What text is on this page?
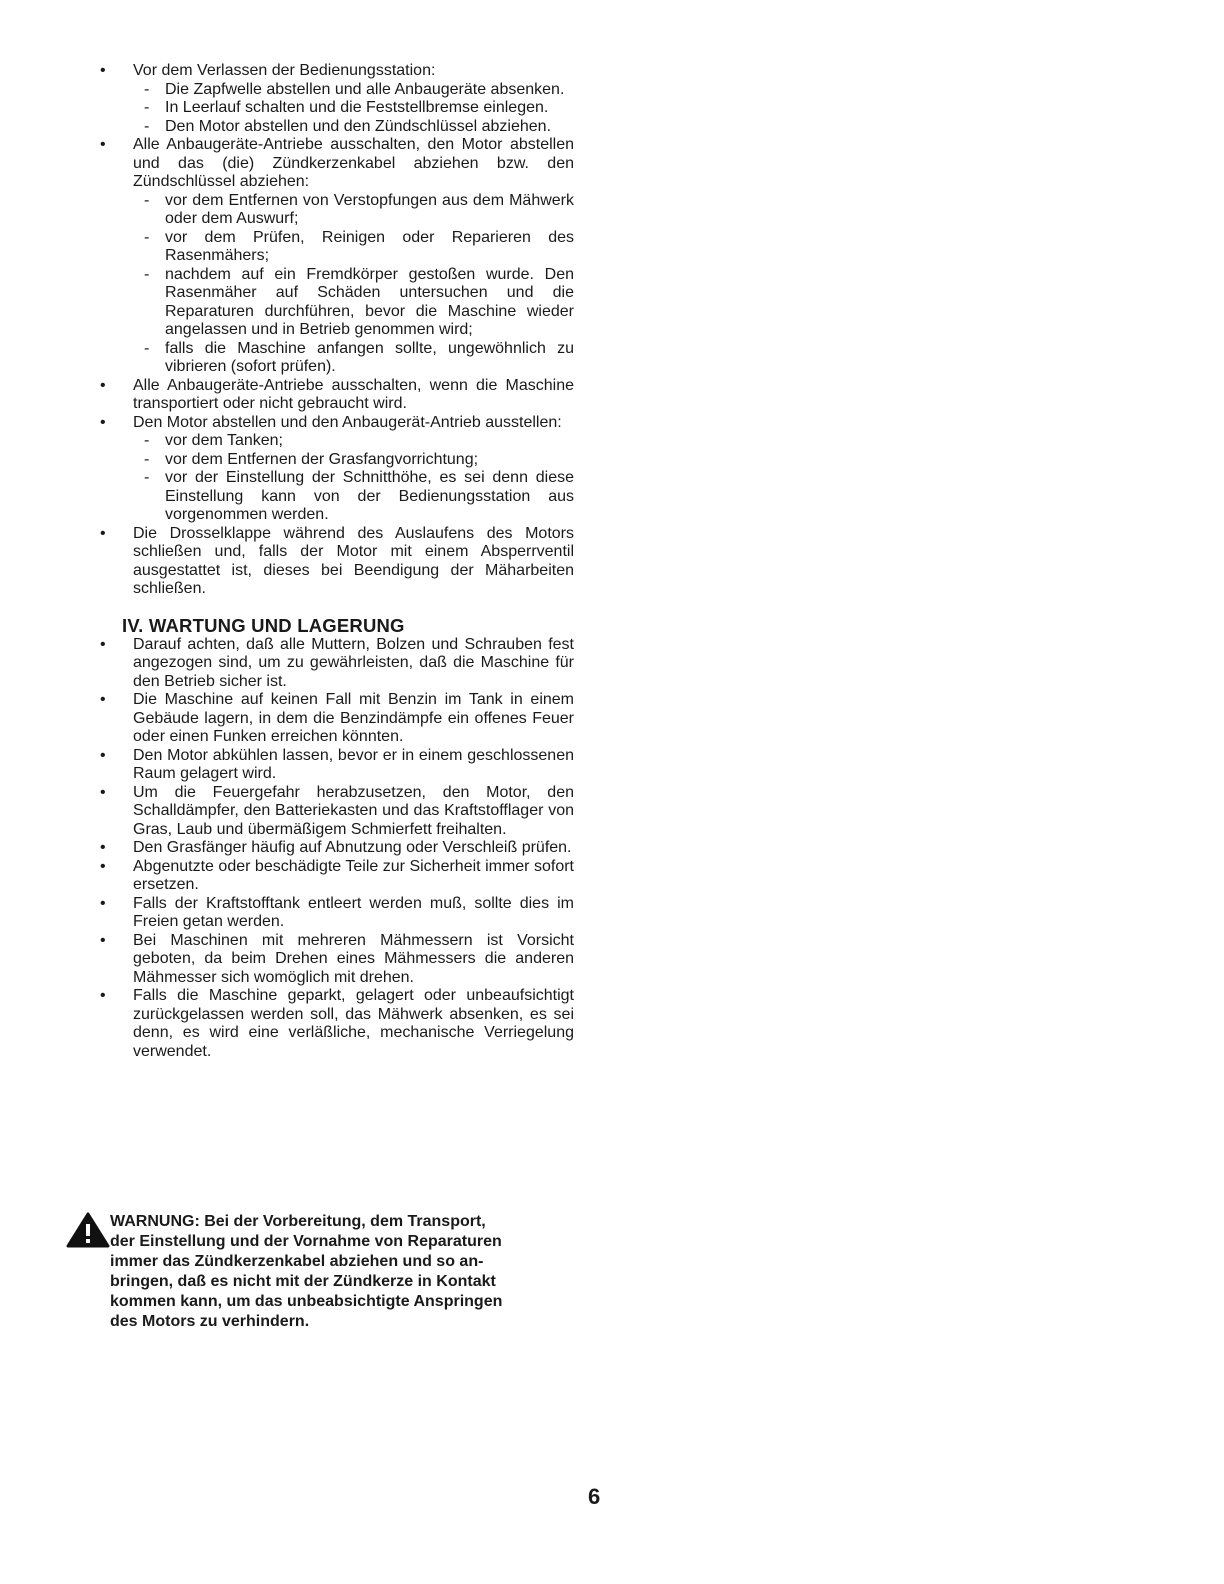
• Vor dem Verlassen der Bedienungsstation:
- Die Zapfwelle abstellen und alle Anbaugeräte absenken.
- In Leerlauf schalten und die Feststellbremse einlegen.
- Den Motor abstellen und den Zündschlüssel abziehen.
• Alle Anbaugeräte-Antriebe ausschalten, den Motor abstellen und das (die) Zündkerzenkabel abziehen bzw. den Zündschlüssel abziehen:
- vor dem Entfernen von Verstopfungen aus dem Mähwerk oder dem Auswurf;
- vor dem Prüfen, Reinigen oder Reparieren des Rasenmähers;
- nachdem auf ein Fremdkörper gestoßen wurde. Den Rasenmäher auf Schäden untersuchen und die Reparaturen durchführen, bevor die Maschine wieder angelassen und in Betrieb genommen wird;
- falls die Maschine anfangen sollte, ungewöhnlich zu vibrieren (sofort prüfen).
• Alle Anbaugeräte-Antriebe ausschalten, wenn die Maschine transportiert oder nicht gebraucht wird.
• Den Motor abstellen und den Anbaugerät-Antrieb ausstellen:
- vor dem Tanken;
- vor dem Entfernen der Grasfangvorrichtung;
- vor der Einstellung der Schnitthöhe, es sei denn diese Einstellung kann von der Bedienungsstation aus vorgenommen werden.
• Die Drosselklappe während des Auslaufens des Motors schließen und, falls der Motor mit einem Absperrventil ausgestattet ist, dieses bei Beendigung der Mäharbeiten schließen.
IV. WARTUNG UND LAGERUNG
• Darauf achten, daß alle Muttern, Bolzen und Schrauben fest angezogen sind, um zu gewährleisten, daß die Maschine für den Betrieb sicher ist.
• Die Maschine auf keinen Fall mit Benzin im Tank in einem Gebäude lagern, in dem die Benzindämpfe ein offenes Feuer oder einen Funken erreichen könnten.
• Den Motor abkühlen lassen, bevor er in einem geschlossenen Raum gelagert wird.
• Um die Feuergefahr herabzusetzen, den Motor, den Schalldämpfer, den Batteriekasten und das Kraftstofflager von Gras, Laub und übermäßigem Schmierfett freihalten.
• Den Grasfänger häufig auf Abnutzung oder Verschleiß prüfen.
• Abgenutzte oder beschädigte Teile zur Sicherheit immer sofort ersetzen.
• Falls der Kraftstofftank entleert werden muß, sollte dies im Freien getan werden.
• Bei Maschinen mit mehreren Mähmessern ist Vorsicht geboten, da beim Drehen eines Mähmessers die anderen Mähmesser sich womöglich mit drehen.
• Falls die Maschine geparkt, gelagert oder unbeaufsichtigt zurückgelassen werden soll, das Mähwerk absenken, es sei denn, es wird eine verläßliche, mechanische Verriegelung verwendet.
WARNUNG: Bei der Vorbereitung, dem Transport,
der Einstellung und der Vornahme von Reparaturen
immer das Zündkerzenkabel abziehen und so an-
bringen, daß es nicht mit der Zündkerze in Kontakt
kommen kann, um das unbeabsichtigte Anspringen
des Motors zu verhindern.
6
